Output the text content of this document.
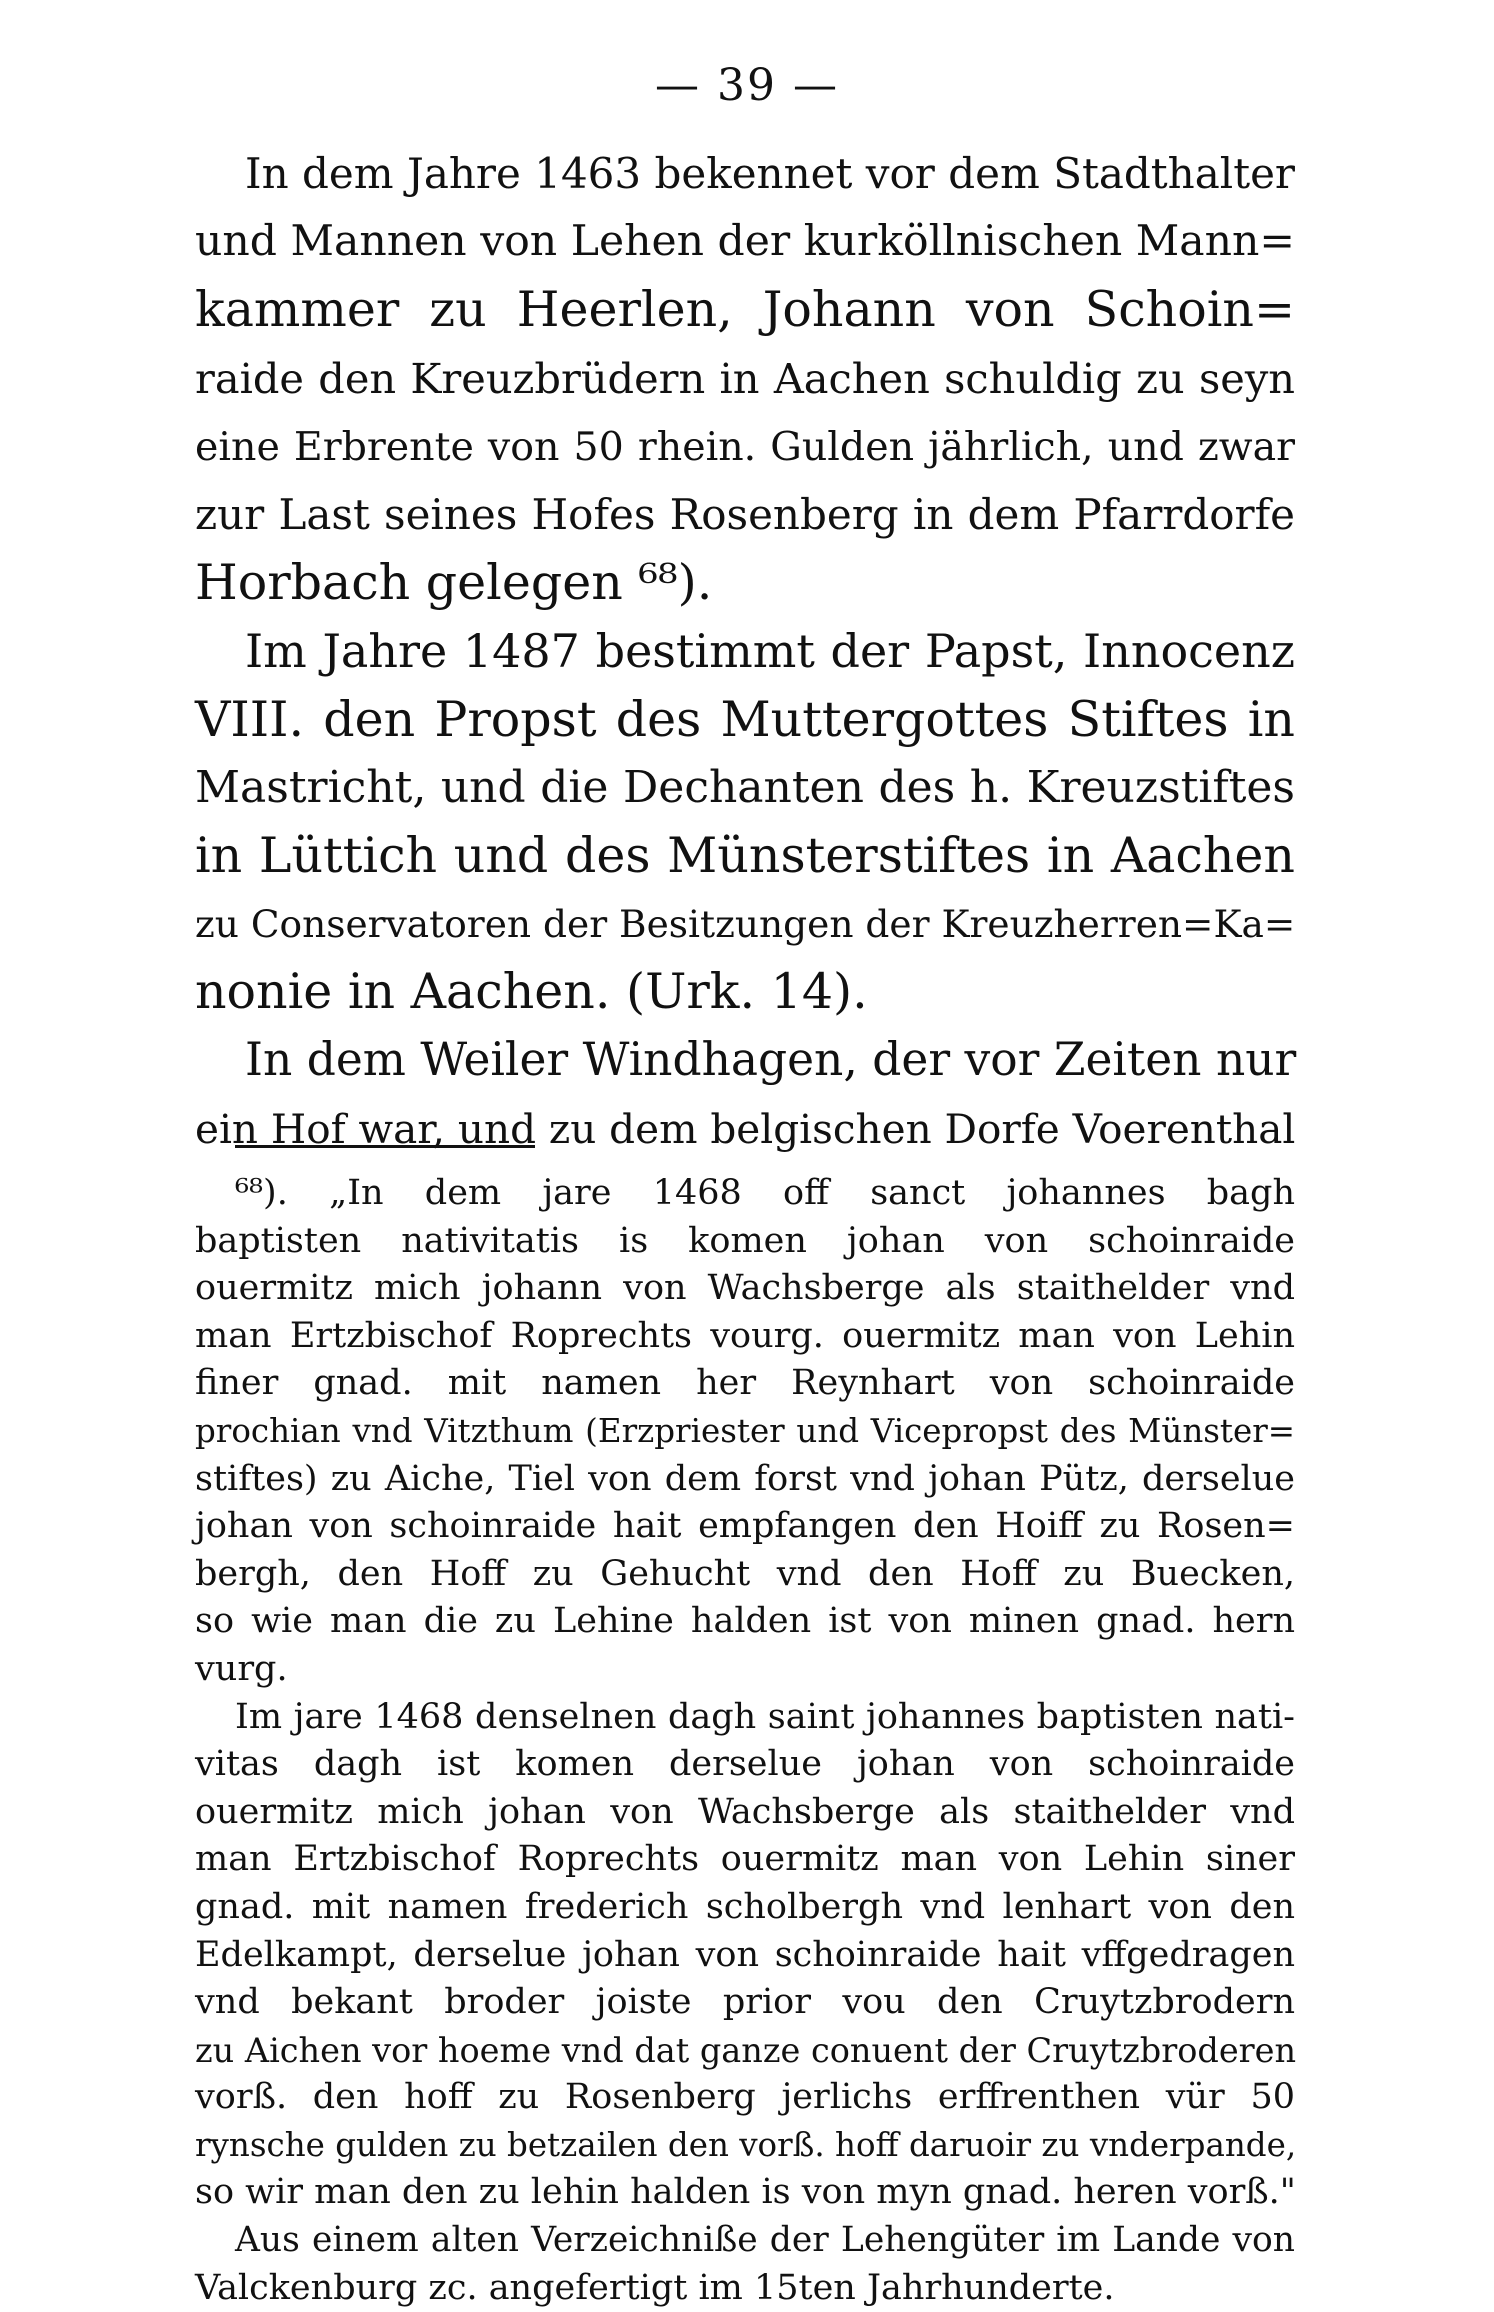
— 39 —
In dem Jahre 1463 bekennet vor dem Stadthalter
und Mannen von Lehen der kurköllnischen Mann=
kammer zu Heerlen, Johann von Schoin=
raide den Kreuzbrüdern in Aachen schuldig zu seyn
eine Erbrente von 50 rhein. Gulden jährlich, und zwar
zur Last seines Hofes Rosenberg in dem Pfarrdorfe
Horbach gelegen ⁶⁸).
Im Jahre 1487 bestimmt der Papst, Innocenz
VIII. den Propst des Muttergottes Stiftes in
Mastricht, und die Dechanten des h. Kreuzstiftes
in Lüttich und des Münsterstiftes in Aachen
zu Conservatoren der Besitzungen der Kreuzherren=Ka=
nonie in Aachen. (Urk. 14).
In dem Weiler Windhagen, der vor Zeiten nur
ein Hof war, und zu dem belgischen Dorfe Voerenthal
⁶⁸). „In dem jare 1468 off sanct johannes bagh
baptisten nativitatis is komen johan von schoinraide
ouermitz mich johann von Wachsberge als staithelder vnd
man Ertzbischof Roprechts vourg. ouermitz man von Lehin
finer gnad. mit namen her Reynhart von schoinraide
prochian vnd Vitzthum (Erzpriester und Vicepropst des Münster=
stiftes) zu Aiche, Tiel von dem forst vnd johan Pütz, derselue
johan von schoinraide hait empfangen den Hoiff zu Rosen=
bergh, den Hoff zu Gehucht vnd den Hoff zu Buecken,
so wie man die zu Lehine halden ist von minen gnad. hern
vurg.
Im jare 1468 denselnen dagh saint johannes baptisten nati-
vitas dagh ist komen derselue johan von schoinraide
ouermitz mich johan von Wachsberge als staithelder vnd
man Ertzbischof Roprechts ouermitz man von Lehin siner
gnad. mit namen frederich scholbergh vnd lenhart von den
Edelkampt, derselue johan von schoinraide hait vffgedragen
vnd bekant broder joiste prior vou den Cruytzbrodern
zu Aichen vor hoeme vnd dat ganze conuent der Cruytzbroderen
vorß. den hoff zu Rosenberg jerlichs erffrenthen vür 50
rynsche gulden zu betzailen den vorß. hoff daruoir zu vnderpande,
so wir man den zu lehin halden is von myn gnad. heren vorß."
Aus einem alten Verzeichniße der Lehengüter im Lande von
Valckenburg zc. angefertigt im 15ten Jahrhunderte.
